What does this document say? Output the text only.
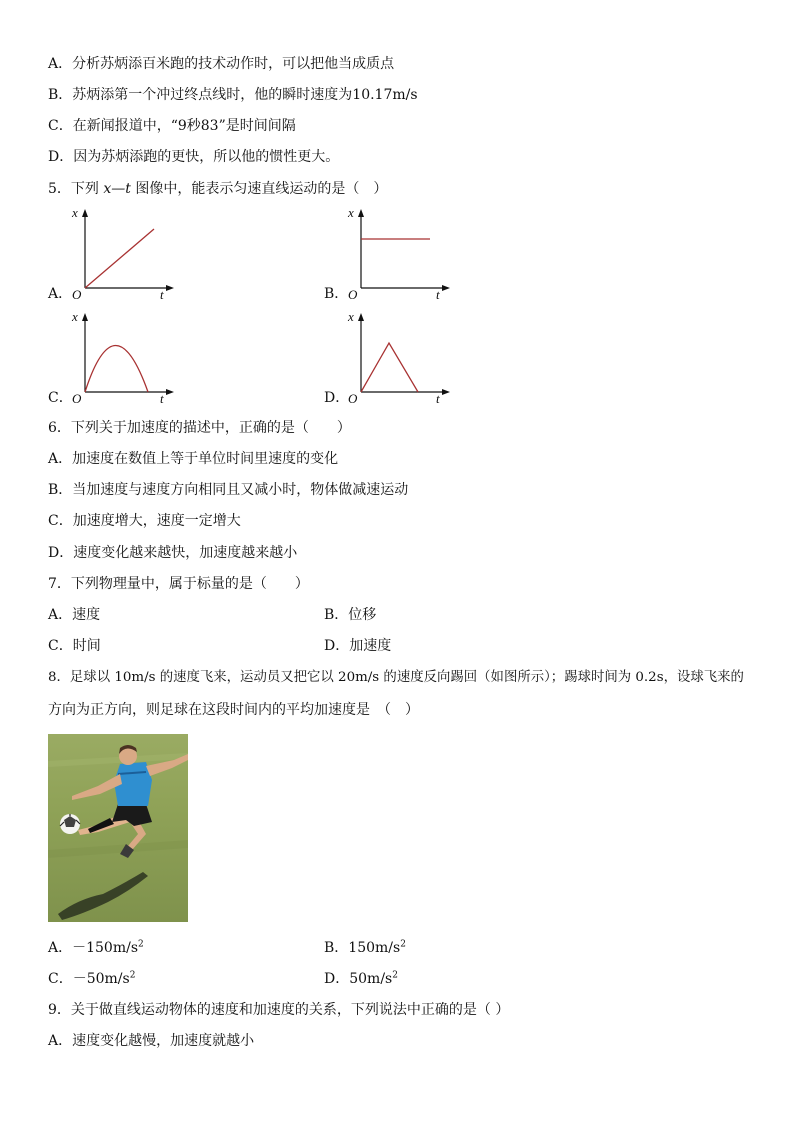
A．分析苏炳添百米跑的技术动作时，可以把他当成质点
B．苏炳添第一个冲过终点线时，他的瞬时速度为10.17m/s
C．在新闻报道中，“9秒83”是时间间隔
D．因为苏炳添跑的更快，所以他的惯性更大。
5．下列 x—t 图像中，能表示匀速直线运动的是（　）
A．
x
O	t	B．
x
O	t
C．
x
O	t	D．
x
O	t
6．下列关于加速度的描述中，正确的是（　　）
A．加速度在数值上等于单位时间里速度的变化
B．当加速度与速度方向相同且又减小时，物体做减速运动
C．加速度增大，速度一定增大
D．速度变化越来越快，加速度越来越小
7．下列物理量中，属于标量的是（　　）
A．速度	B．位移
C．时间	D．加速度
8．足球以 10m/s 的速度飞来，运动员又把它以 20m/s 的速度反向踢回（如图所示）；踢球时间为 0.2s，设球飞来的
方向为正方向，则足球在这段时间内的平均加速度是　（　）
A．$-150m/s^2$	B．$150m/s^2$
C．$-50m/s^2$	D．$50m/s^2$
9．关于做直线运动物体的速度和加速度的关系，下列说法中正确的是（ ）
A．速度变化越慢，加速度就越小
